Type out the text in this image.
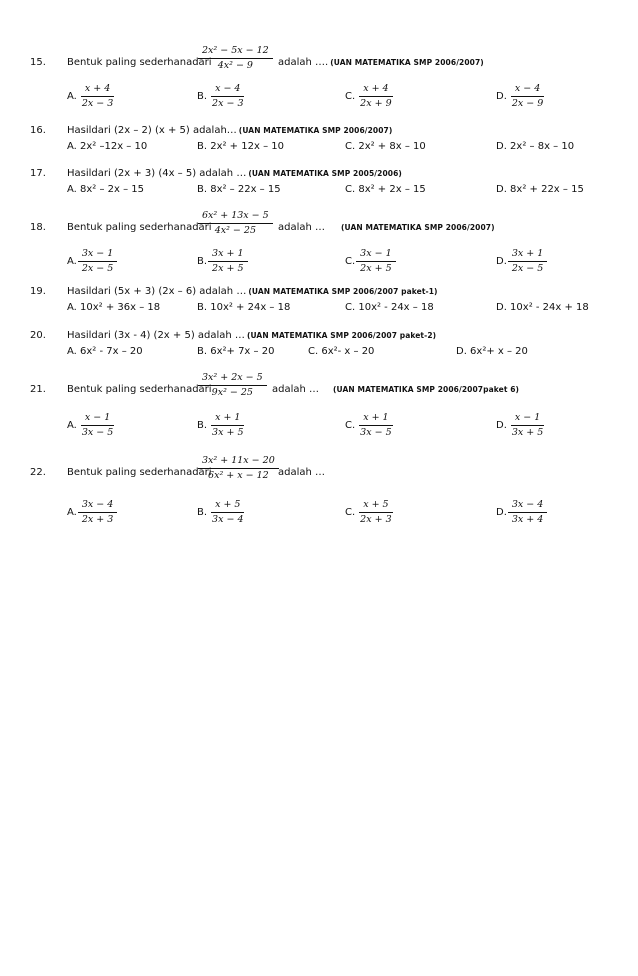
15. Bentuk paling sederhanadari
$\frac{\text{2x² − 5x − 12}}{\text{4x² − 9}}$ adalah …. (UAN MATEMATIKA SMP 2006/2007)
A. $\frac{x + 4}{2x - 3}$	B. $\frac{x - 4}{2x - 3}$	C. $\frac{x + 4}{2x + 9}$	D. $\frac{x - 4}{2x - 9}$
16. Hasildari (2x – 2) (x + 5) adalah… (UAN MATEMATIKA SMP 2006/2007)
A. 2x² –12x – 10	B. 2x² + 12x – 10	C. 2x² + 8x – 10	D. 2x² – 8x – 10
17. Hasildari (2x + 3) (4x – 5) adalah … (UAN MATEMATIKA SMP 2005/2006)
A. 8x² – 2x – 15	B. 8x² – 22x – 15	C. 8x² + 2x – 15	D. 8x² + 22x – 15
18. Bentuk paling sederhanadari
$\frac{\text{6x² + 13x − 5}}{\text{4x² − 25}}$ adalah … (UAN MATEMATIKA SMP 2006/2007)
A. $\frac{3x - 1}{2x - 5}$	B. $\frac{3x + 1}{2x + 5}$	C. $\frac{3x - 1}{2x + 5}$	D. $\frac{3x + 1}{2x - 5}$
19. Hasildari (5x + 3) (2x – 6) adalah … (UAN MATEMATIKA SMP 2006/2007 paket-1)
A. 10x² + 36x – 18	B. 10x² + 24x – 18	C. 10x² - 24x – 18	D. 10x² - 24x + 18
20. Hasildari (3x - 4) (2x + 5) adalah … (UAN MATEMATIKA SMP 2006/2007 paket-2)
A. 6x² - 7x – 20	B. 6x²+ 7x – 20	C. 6x²- x – 20	D. 6x²+ x – 20
21. Bentuk paling sederhanadari
$\frac{\text{3x² + 2x − 5}}{\text{9x² − 25}}$ adalah … (UAN MATEMATIKA SMP 2006/2007paket 6)
A. $\frac{x - 1}{3x - 5}$	B. $\frac{x + 1}{3x + 5}$	C. $\frac{x + 1}{3x - 5}$	D. $\frac{x - 1}{3x + 5}$
22. Bentuk paling sederhanadari
$\frac{\text{3x² + 11x − 20}}{\text{6x² + x − 12}}$ adalah …
A. $\frac{3x - 4}{2x + 3}$	B. $\frac{x + 5}{3x - 4}$	C. $\frac{x + 5}{2x + 3}$	D. $\frac{3x - 4}{3x + 4}$
